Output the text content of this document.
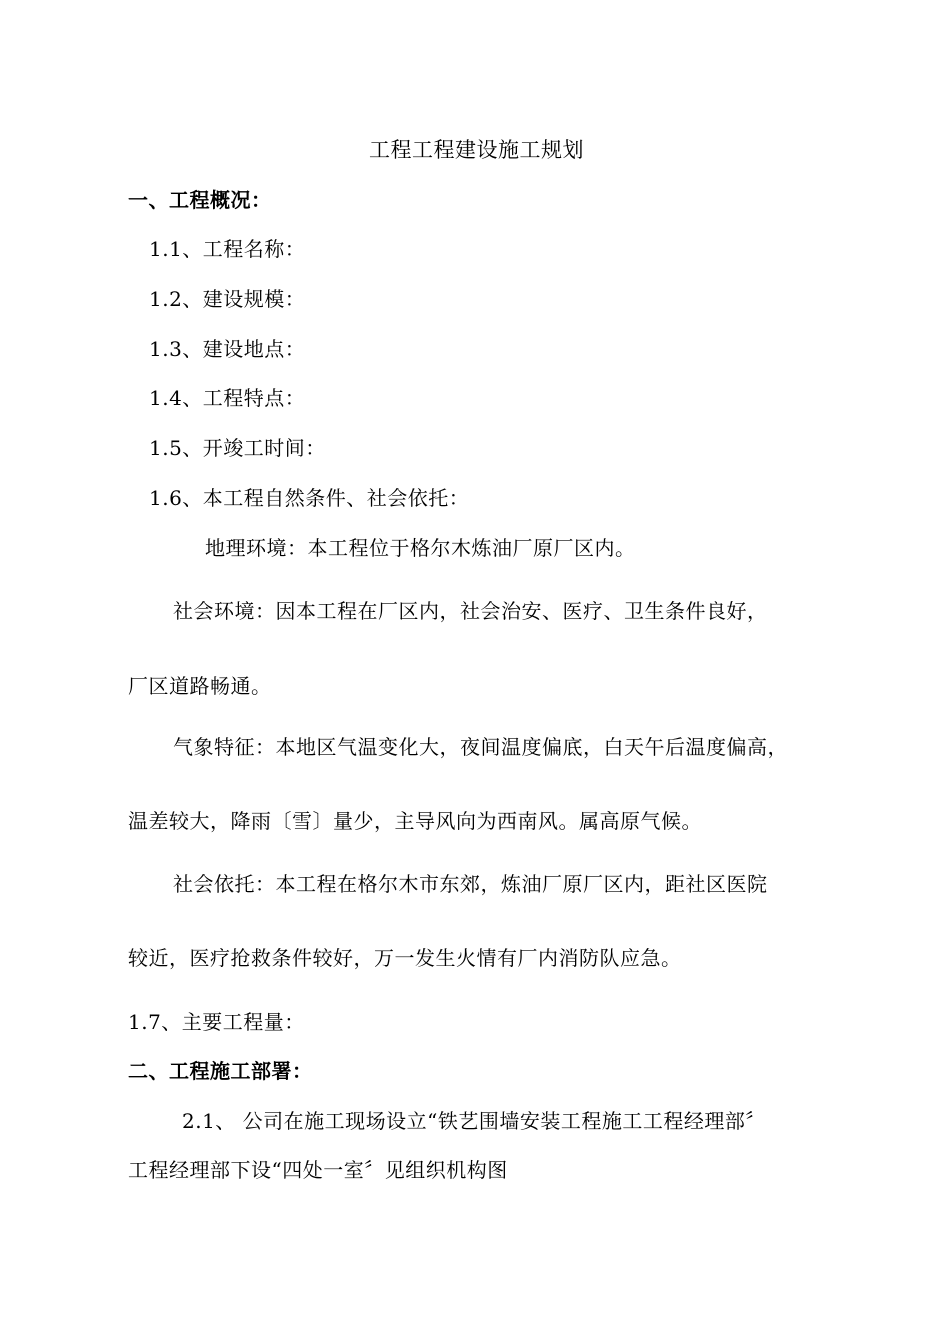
工程工程建设施工规划
一、工程概况：
1.1、工程名称：
1.2、建设规模：
1.3、建设地点：
1.4、工程特点：
1.5、开竣工时间：
1.6、本工程自然条件、社会依托：
地理环境：本工程位于格尔木炼油厂原厂区内。
社会环境：因本工程在厂区内，社会治安、医疗、卫生条件良好，
厂区道路畅通。
气象特征：本地区气温变化大，夜间温度偏底，白天午后温度偏高，
温差较大，降雨〔雪〕量少，主导风向为西南风。属高原气候。
社会依托：本工程在格尔木市东郊，炼油厂原厂区内，距社区医院
较近，医疗抢救条件较好，万一发生火情有厂内消防队应急。
1.7、主要工程量：
二、工程施工部署：
2.1、 公司在施工现场设立“铁艺围墙安装工程施工工程经理部〞
工程经理部下设“四处一室〞见组织机构图
